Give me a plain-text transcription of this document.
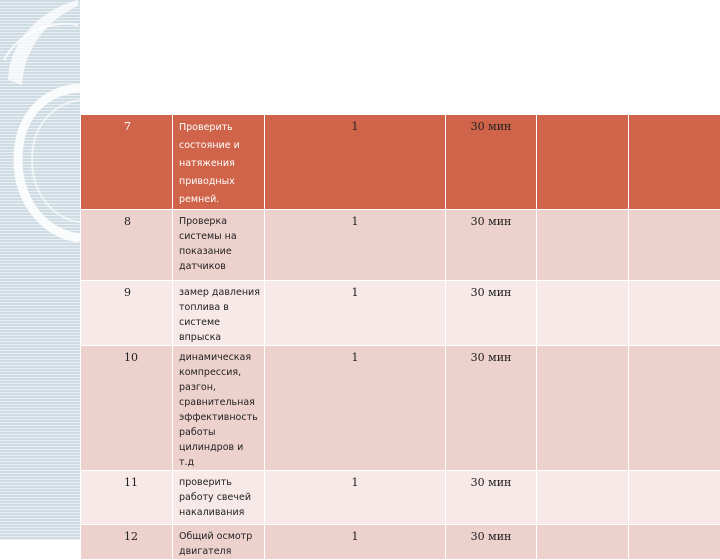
7	Проверить состояние и натяжения приводных ремней.	1	30 мин		
8	Проверка системы на показание датчиков	1	30 мин		
9	замер давления топлива в системе впрыска	1	30 мин		
10	динамическая компрессия, разгон, сравнительная эффективность работы цилиндров и т.д	1	30 мин		
11	проверить работу свечей накаливания	1	30 мин		
12	Общий осмотр двигателя	1	30 мин		
